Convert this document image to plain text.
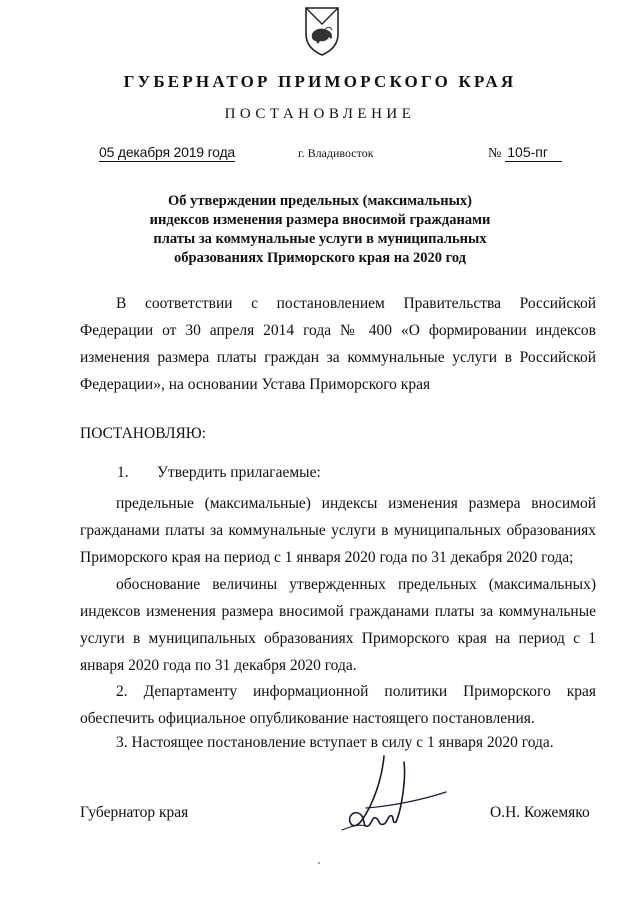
ГУБЕРНАТОР ПРИМОРСКОГО КРАЯ
ПОСТАНОВЛЕНИЕ
05 декабря 2019 года	г. Владивосток	№ 105-пг
Об утверждении предельных (максимальных)
индексов изменения размера вносимой гражданами
платы за коммунальные услуги в муниципальных
образованиях Приморского края на 2020 год

В соответствии с постановлением Правительства Российской Федерации от 30 апреля 2014 года № 400 «О формировании индексов изменения размера платы граждан за коммунальные услуги в Российской Федерации», на основании Устава Приморского края

ПОСТАНОВЛЯЮ:
1. Утвердить прилагаемые:

предельные (максимальные) индексы изменения размера вносимой гражданами платы за коммунальные услуги в муниципальных образованиях Приморского края на период с 1 января 2020 года по 31 декабря 2020 года;

обоснование величины утвержденных предельных (максимальных) индексов изменения размера вносимой гражданами платы за коммунальные услуги в муниципальных образованиях Приморского края на период с 1 января 2020 года по 31 декабря 2020 года.

2. Департаменту информационной политики Приморского края обеспечить официальное опубликование настоящего постановления.

3. Настоящее постановление вступает в силу с 1 января 2020 года.

Губернатор края	О.Н. Кожемяко
